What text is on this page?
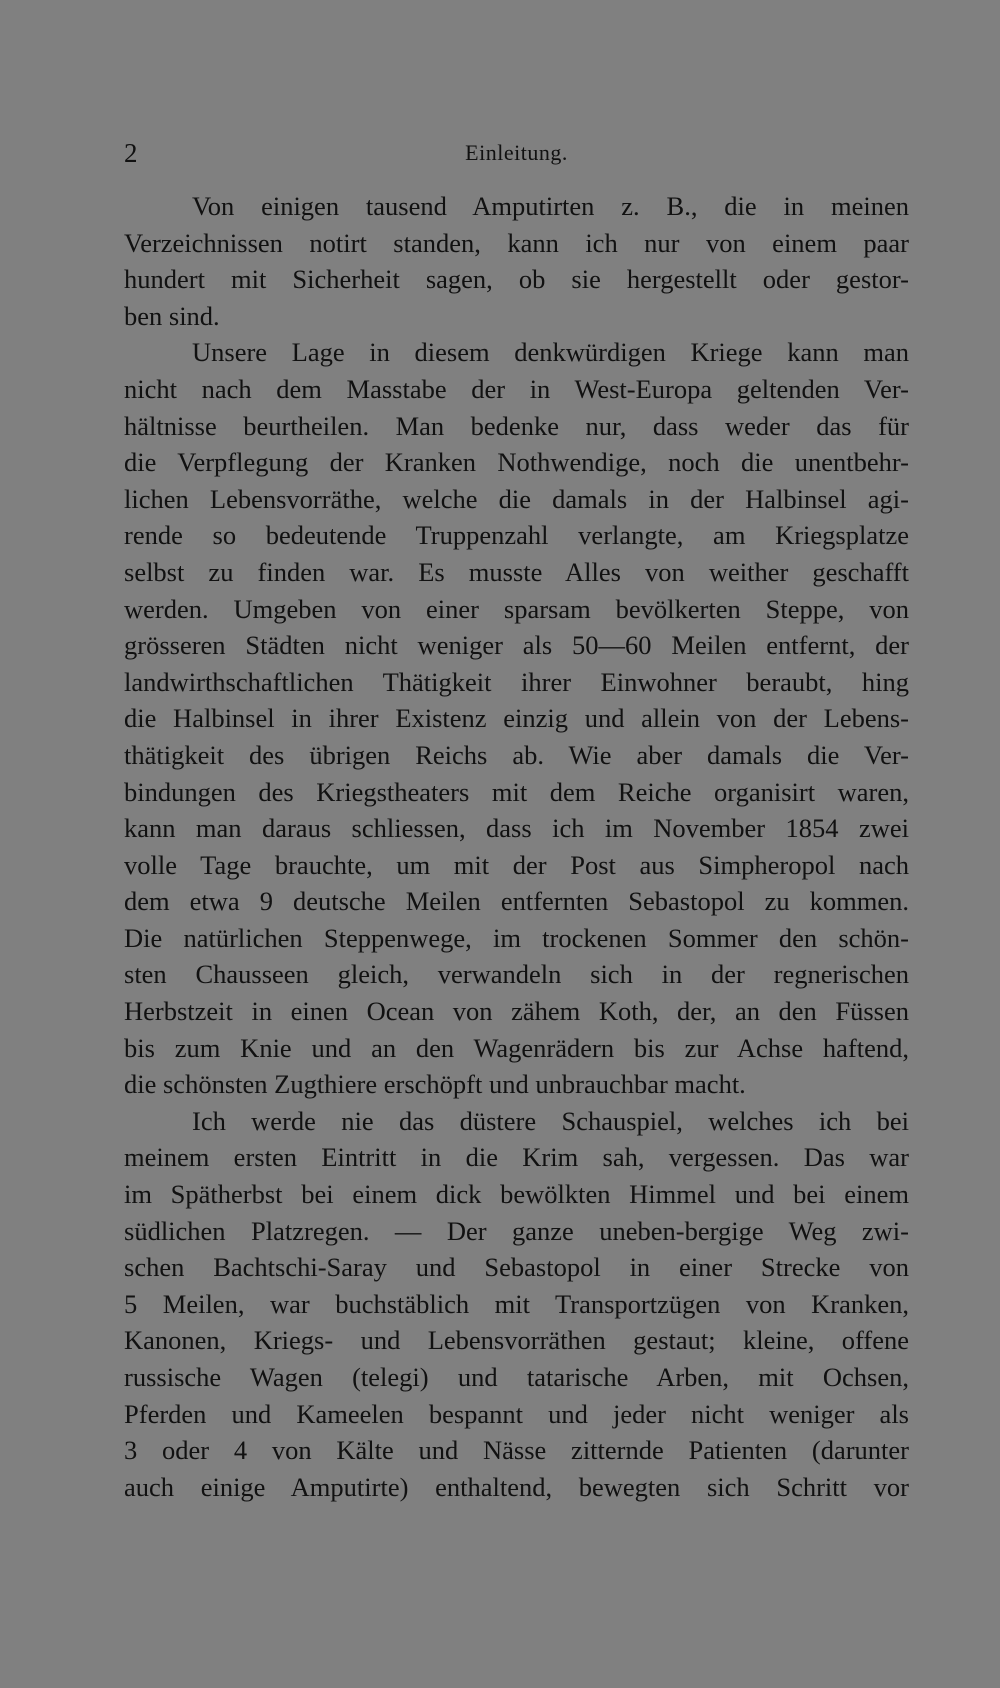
2	Einleitung.
Von einigen tausend Amputirten z. B., die in meinen
Verzeichnissen notirt standen, kann ich nur von einem paar
hundert mit Sicherheit sagen, ob sie hergestellt oder gestor-
ben sind.
Unsere Lage in diesem denkwürdigen Kriege kann man
nicht nach dem Masstabe der in West-Europa geltenden Ver-
hältnisse beurtheilen. Man bedenke nur, dass weder das für
die Verpflegung der Kranken Nothwendige, noch die unentbehr-
lichen Lebensvorräthe, welche die damals in der Halbinsel agi-
rende so bedeutende Truppenzahl verlangte, am Kriegsplatze
selbst zu finden war. Es musste Alles von weither geschafft
werden. Umgeben von einer sparsam bevölkerten Steppe, von
grösseren Städten nicht weniger als 50—60 Meilen entfernt, der
landwirthschaftlichen Thätigkeit ihrer Einwohner beraubt, hing
die Halbinsel in ihrer Existenz einzig und allein von der Lebens-
thätigkeit des übrigen Reichs ab. Wie aber damals die Ver-
bindungen des Kriegstheaters mit dem Reiche organisirt waren,
kann man daraus schliessen, dass ich im November 1854 zwei
volle Tage brauchte, um mit der Post aus Simpheropol nach
dem etwa 9 deutsche Meilen entfernten Sebastopol zu kommen.
Die natürlichen Steppenwege, im trockenen Sommer den schön-
sten Chausseen gleich, verwandeln sich in der regnerischen
Herbstzeit in einen Ocean von zähem Koth, der, an den Füssen
bis zum Knie und an den Wagenrädern bis zur Achse haftend,
die schönsten Zugthiere erschöpft und unbrauchbar macht.
Ich werde nie das düstere Schauspiel, welches ich bei
meinem ersten Eintritt in die Krim sah, vergessen. Das war
im Spätherbst bei einem dick bewölkten Himmel und bei einem
südlichen Platzregen. — Der ganze uneben-bergige Weg zwi-
schen Bachtschi-Saray und Sebastopol in einer Strecke von
5 Meilen, war buchstäblich mit Transportzügen von Kranken,
Kanonen, Kriegs- und Lebensvorräthen gestaut; kleine, offene
russische Wagen (telegi) und tatarische Arben, mit Ochsen,
Pferden und Kameelen bespannt und jeder nicht weniger als
3 oder 4 von Kälte und Nässe zitternde Patienten (darunter
auch einige Amputirte) enthaltend, bewegten sich Schritt vor
